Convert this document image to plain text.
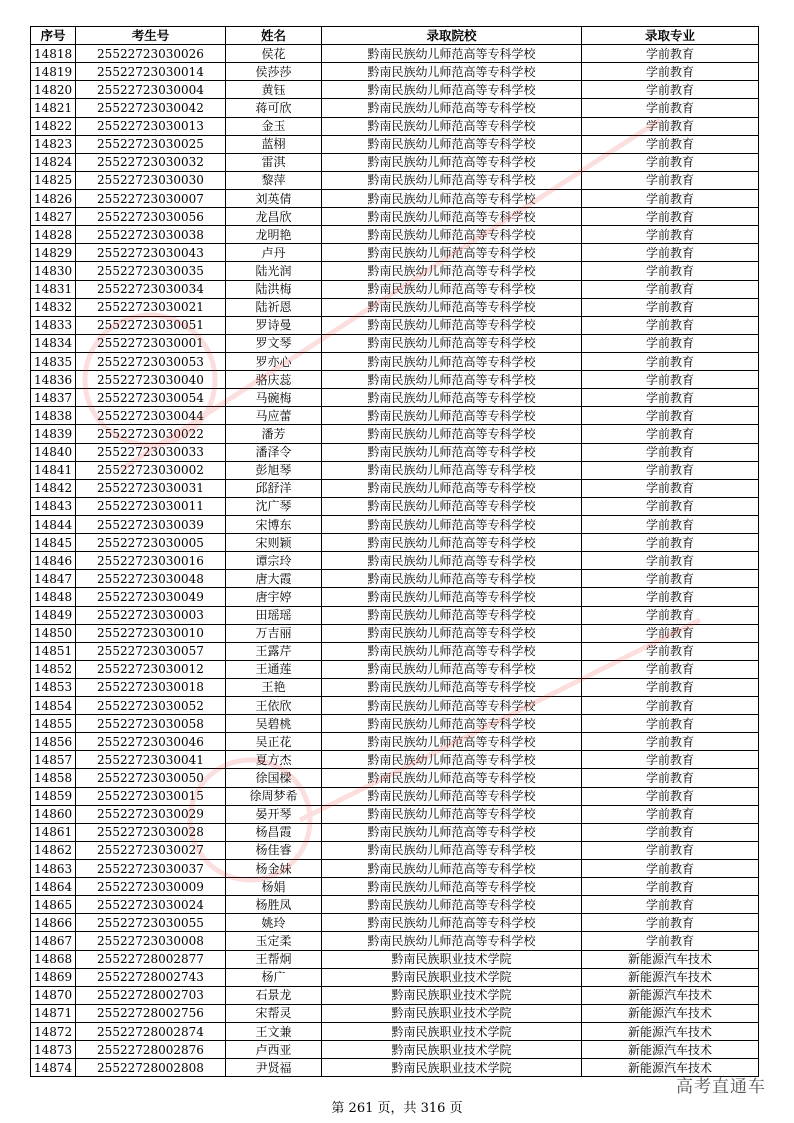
序号	考生号	姓名	录取院校	录取专业
14818	25522723030026	侯花	黔南民族幼儿师范高等专科学校	学前教育
14819	25522723030014	侯莎莎	黔南民族幼儿师范高等专科学校	学前教育
14820	25522723030004	黄钰	黔南民族幼儿师范高等专科学校	学前教育
14821	25522723030042	蒋可欣	黔南民族幼儿师范高等专科学校	学前教育
14822	25522723030013	金玉	黔南民族幼儿师范高等专科学校	学前教育
14823	25522723030025	蓝栩	黔南民族幼儿师范高等专科学校	学前教育
14824	25522723030032	雷淇	黔南民族幼儿师范高等专科学校	学前教育
14825	25522723030030	黎萍	黔南民族幼儿师范高等专科学校	学前教育
14826	25522723030007	刘英倩	黔南民族幼儿师范高等专科学校	学前教育
14827	25522723030056	龙昌欣	黔南民族幼儿师范高等专科学校	学前教育
14828	25522723030038	龙明艳	黔南民族幼儿师范高等专科学校	学前教育
14829	25522723030043	卢丹	黔南民族幼儿师范高等专科学校	学前教育
14830	25522723030035	陆光润	黔南民族幼儿师范高等专科学校	学前教育
14831	25522723030034	陆洪梅	黔南民族幼儿师范高等专科学校	学前教育
14832	25522723030021	陆祈恩	黔南民族幼儿师范高等专科学校	学前教育
14833	25522723030051	罗诗曼	黔南民族幼儿师范高等专科学校	学前教育
14834	25522723030001	罗文琴	黔南民族幼儿师范高等专科学校	学前教育
14835	25522723030053	罗亦心	黔南民族幼儿师范高等专科学校	学前教育
14836	25522723030040	骆庆蕊	黔南民族幼儿师范高等专科学校	学前教育
14837	25522723030054	马碗梅	黔南民族幼儿师范高等专科学校	学前教育
14838	25522723030044	马应蕾	黔南民族幼儿师范高等专科学校	学前教育
14839	25522723030022	潘芳	黔南民族幼儿师范高等专科学校	学前教育
14840	25522723030033	潘泽令	黔南民族幼儿师范高等专科学校	学前教育
14841	25522723030002	彭旭琴	黔南民族幼儿师范高等专科学校	学前教育
14842	25522723030031	邱舒洋	黔南民族幼儿师范高等专科学校	学前教育
14843	25522723030011	沈广琴	黔南民族幼儿师范高等专科学校	学前教育
14844	25522723030039	宋博东	黔南民族幼儿师范高等专科学校	学前教育
14845	25522723030005	宋则颖	黔南民族幼儿师范高等专科学校	学前教育
14846	25522723030016	谭宗玲	黔南民族幼儿师范高等专科学校	学前教育
14847	25522723030048	唐大霞	黔南民族幼儿师范高等专科学校	学前教育
14848	25522723030049	唐宇婷	黔南民族幼儿师范高等专科学校	学前教育
14849	25522723030003	田瑶瑶	黔南民族幼儿师范高等专科学校	学前教育
14850	25522723030010	万吉丽	黔南民族幼儿师范高等专科学校	学前教育
14851	25522723030057	王露芹	黔南民族幼儿师范高等专科学校	学前教育
14852	25522723030012	王通莲	黔南民族幼儿师范高等专科学校	学前教育
14853	25522723030018	王艳	黔南民族幼儿师范高等专科学校	学前教育
14854	25522723030052	王依欣	黔南民族幼儿师范高等专科学校	学前教育
14855	25522723030058	吴碧桃	黔南民族幼儿师范高等专科学校	学前教育
14856	25522723030046	吴正花	黔南民族幼儿师范高等专科学校	学前教育
14857	25522723030041	夏方杰	黔南民族幼儿师范高等专科学校	学前教育
14858	25522723030050	徐国樑	黔南民族幼儿师范高等专科学校	学前教育
14859	25522723030015	徐周梦希	黔南民族幼儿师范高等专科学校	学前教育
14860	25522723030029	晏开琴	黔南民族幼儿师范高等专科学校	学前教育
14861	25522723030028	杨昌霞	黔南民族幼儿师范高等专科学校	学前教育
14862	25522723030027	杨佳睿	黔南民族幼儿师范高等专科学校	学前教育
14863	25522723030037	杨金妹	黔南民族幼儿师范高等专科学校	学前教育
14864	25522723030009	杨娟	黔南民族幼儿师范高等专科学校	学前教育
14865	25522723030024	杨胜凤	黔南民族幼儿师范高等专科学校	学前教育
14866	25522723030055	姚玲	黔南民族幼儿师范高等专科学校	学前教育
14867	25522723030008	玉定柔	黔南民族幼儿师范高等专科学校	学前教育
14868	25522728002877	王帮炯	黔南民族职业技术学院	新能源汽车技术
14869	25522728002743	杨广	黔南民族职业技术学院	新能源汽车技术
14870	25522728002703	石景龙	黔南民族职业技术学院	新能源汽车技术
14871	25522728002756	宋帮灵	黔南民族职业技术学院	新能源汽车技术
14872	25522728002874	王文兼	黔南民族职业技术学院	新能源汽车技术
14873	25522728002876	卢西亚	黔南民族职业技术学院	新能源汽车技术
14874	25522728002808	尹贤福	黔南民族职业技术学院	新能源汽车技术
高考直通车
第 261 页，共 316 页
